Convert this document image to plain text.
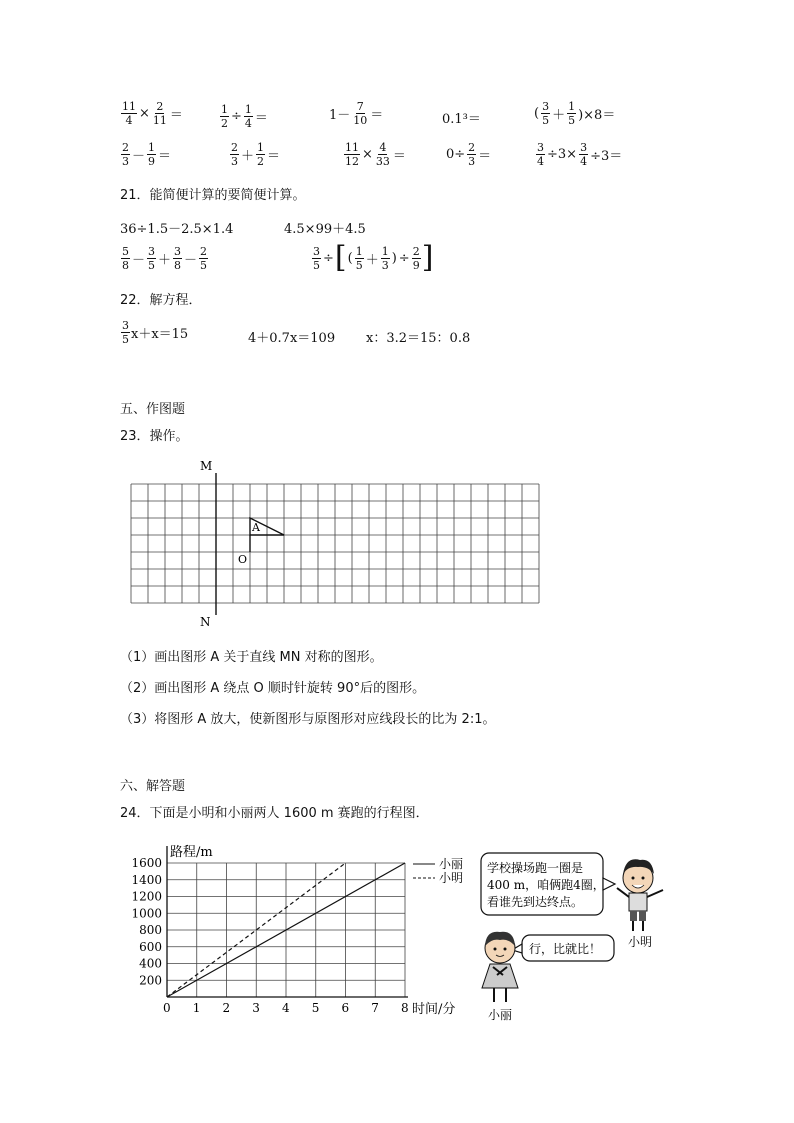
$\frac{11}{4} \times \frac{2}{11}$ ＝	$\frac{1}{2} \div \frac{1}{4}$ ＝	$1- \frac{7}{10}$ ＝	0.1³＝	( $\frac{3}{5} + \frac{1}{5} )\times 8=$
$\frac{2}{3} - \frac{1}{9}$ ＝	$\frac{2}{3} + \frac{1}{2}$ ＝	$\frac{11}{12} \times \frac{4}{33}$ ＝	$0\div \frac{2}{3}$ ＝	$\frac{3}{4} \div 3\times \frac{3}{4} \div 3=$
21．能简便计算的要简便计算。
36÷1.5－2.5×1.4	4.5×99＋4.5
$\frac{5}{8} - \frac{3}{5} + \frac{3}{8} - \frac{2}{5}$	$\frac{3}{5}$ ÷ [ ( $\frac{1}{5} + \frac{1}{3}$ ) ÷ $\frac{2}{9}$ ]
22．解方程．
$\frac{3}{5} x+x=15$	4＋0.7x＝109 x：3.2＝15：0.8
五、作图题
23．操作。
M
N
A
O
（1）画出图形 A 关于直线 MN 对称的图形。
（2）画出图形 A 绕点 O 顺时针旋转 90°后的图形。
（3）将图形 A 放大，使新图形与原图形对应线段长的比为 2:1。
六、解答题
24．下面是小明和小丽两人 1600 m 赛跑的行程图．
0 1 2 3 4 5 6 7 8
200
400
600
800
1000
1200
1400
1600	小丽
小明
路程/m
时间/分
学校操场跑一圈是
400 m，咱俩跑4圈，
看谁先到达终点。
小明
行，比就比！
小丽
